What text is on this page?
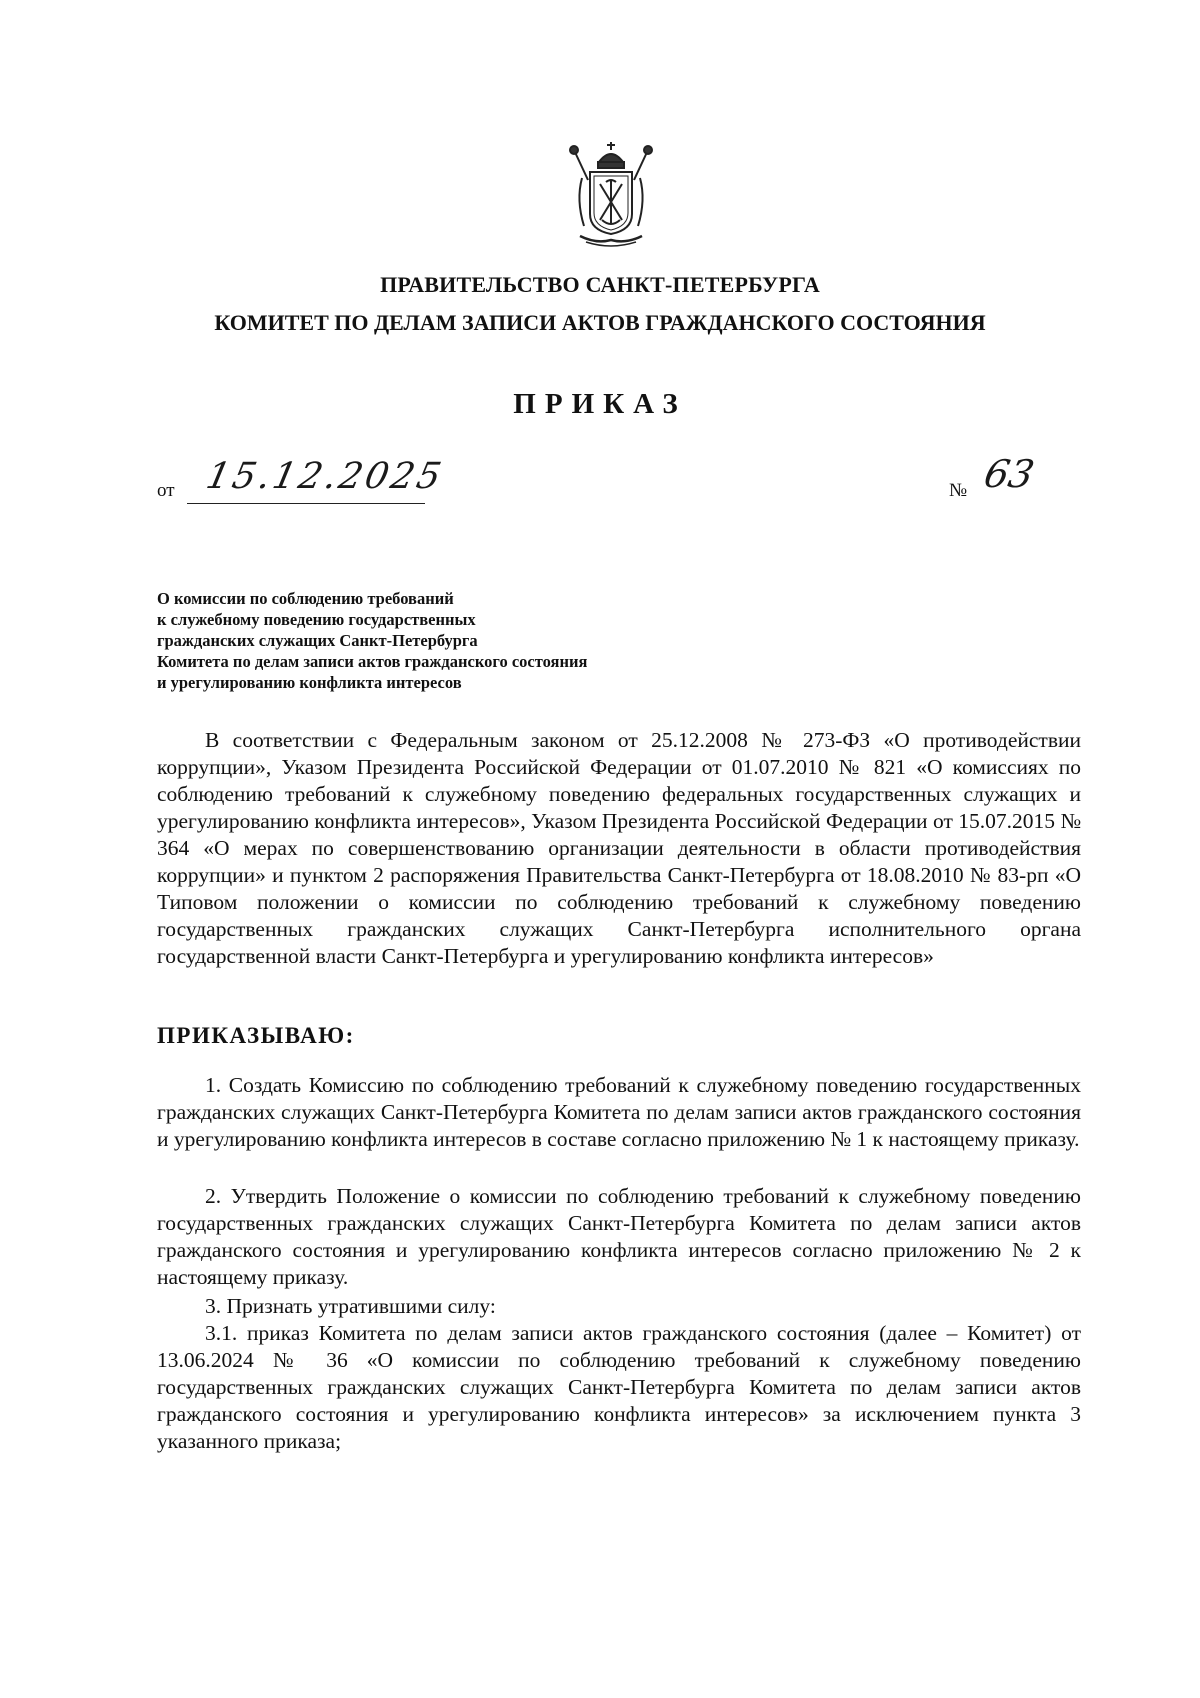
ПРАВИТЕЛЬСТВО САНКТ-ПЕТЕРБУРГА
КОМИТЕТ ПО ДЕЛАМ ЗАПИСИ АКТОВ ГРАЖДАНСКОГО СОСТОЯНИЯ
ПРИКАЗ
от 15.12.2025	№ 63
О комиссии по соблюдению требований
к служебному поведению государственных
гражданских служащих Санкт-Петербурга
Комитета по делам записи актов гражданского состояния
и урегулированию конфликта интересов
В соответствии с Федеральным законом от 25.12.2008 № 273-ФЗ «О противодействии коррупции», Указом Президента Российской Федерации от 01.07.2010 № 821 «О комиссиях по соблюдению требований к служебному поведению федеральных государственных служащих и урегулированию конфликта интересов», Указом Президента Российской Федерации от 15.07.2015 № 364 «О мерах по совершенствованию организации деятельности в области противодействия коррупции» и пунктом 2 распоряжения Правительства Санкт-Петербурга от 18.08.2010 № 83-рп «О Типовом положении о комиссии по соблюдению требований к служебному поведению государственных гражданских служащих Санкт-Петербурга исполнительного органа государственной власти Санкт-Петербурга и урегулированию конфликта интересов»
ПРИКАЗЫВАЮ:
1. Создать Комиссию по соблюдению требований к служебному поведению государственных гражданских служащих Санкт-Петербурга Комитета по делам записи актов гражданского состояния и урегулированию конфликта интересов в составе согласно приложению № 1 к настоящему приказу.
2. Утвердить Положение о комиссии по соблюдению требований к служебному поведению государственных гражданских служащих Санкт-Петербурга Комитета по делам записи актов гражданского состояния и урегулированию конфликта интересов согласно приложению № 2 к настоящему приказу.
3. Признать утратившими силу:
3.1. приказ Комитета по делам записи актов гражданского состояния (далее – Комитет) от 13.06.2024 № 36 «О комиссии по соблюдению требований к служебному поведению государственных гражданских служащих Санкт-Петербурга Комитета по делам записи актов гражданского состояния и урегулированию конфликта интересов» за исключением пункта 3 указанного приказа;
